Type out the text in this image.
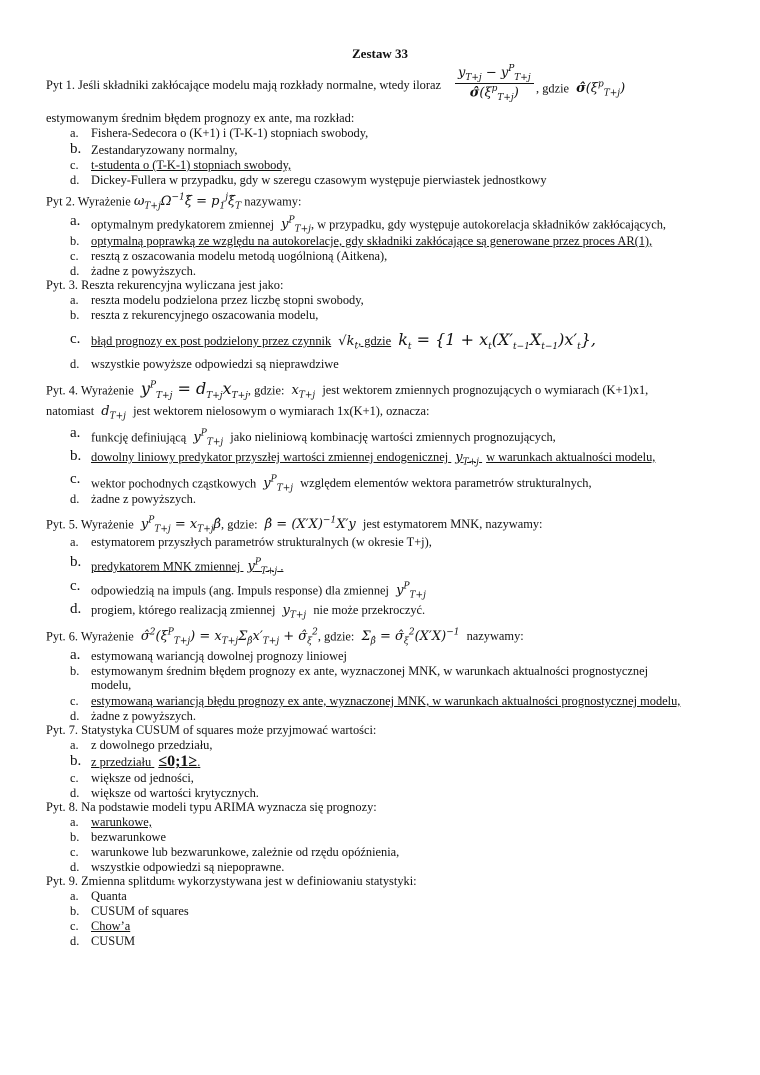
Zestaw 33
Pyt 1. Jeśli składniki zakłócające modelu mają rozkłady normalne, wtedy iloraz $\frac{y_{T+j} - y^P_{T+j}}{\sigmâ(\xi^p_{T+j})}$ , gdzie $\sigmâ(\xi^p_{T+j})$
estymowanym średnim błędem prognozy ex ante, ma rozkład:
a. Fishera-Sedecora o (K+1) i (T-K-1) stopniach swobody,
b. Zestandaryzowany normalny,
c. t-studenta o (T-K-1) stopniach swobody,
d. Dickey-Fullera w przypadku, gdy w szeregu czasowym występuje pierwiastek jednostkowy
Pyt 2. Wyrażenie $\omega_{T+j}\Omega^{-1}\xĩ$ = $p_1^j\xĩ_T$ nazywamy:
a. optymalnym predykatorem zmiennej $y^P_{T+j}$, w przypadku, gdy występuje autokorelacja składników zakłócających,
b. optymalną poprawką ze względu na autokorelacje, gdy składniki zakłócające są generowane przez proces AR(1),
c. resztą z oszacowania modelu metodą uogólnioną (Aitkena),
d. żadne z powyższych.
Pyt. 3. Reszta rekurencyjna wyliczana jest jako:
a. reszta modelu podzielona przez liczbę stopni swobody,
b. reszta z rekurencyjnego oszacowania modelu,
c. błąd prognozy ex post podzielony przez czynnik $√k_t$, gdzie $k_t = \{1 + x_t(X'_{t-1}X_{t-1})x'_t\}$,
d. wszystkie powyższe odpowiedzi są nieprawdziwe
Pyt. 4. Wyrażenie $y^P_{T+j} = d_{T+j}x_{T+j}$, gdzie: $x_{T+j}$ jest wektorem zmiennych prognozujących o wymiarach (K+1)x1,
natomiast $d_{T+j}$ jest wektorem nielosowym o wymiarach 1x(K+1), oznacza:
a. funkcję definiującą $y^P_{T+j}$ jako nieliniową kombinację wartości zmiennych prognozujących,
b. dowolny liniowy predykator przyszłej wartości zmiennej endogenicznej $y_{T+j}$ w warunkach aktualności modelu,
c. wektor pochodnych cząstkowych $y^P_{T+j}$ względem elementów wektora parametrów strukturalnych,
d. żadne z powyższych.
Pyt. 5. Wyrażenie $y^P_{T+j}$ = $x_{T+j}\betâ$, gdzie: β̂ = $(X'X)^{-1}X'y$ jest estymatorem MNK, nazywamy:
a. estymatorem przyszłych parametrów strukturalnych (w okresie T+j),
b. predykatorem MNK zmiennej $y^P_{T+j}$ .
c. odpowiedzią na impuls (ang. Impuls response) dla zmiennej $y^P_{T+j}$
d. progiem, którego realizacją zmiennej $y_{T+j}$ nie może przekroczyć.
Pyt. 6. Wyrażenie $\sigmâ^2(\xi^P_{T+j}) = x_{T+j}\Sigma_{\betâ}x'_{T+j}$ + $\sigmâ_\xi^2$, gdzie: $\Sigma_{\betâ}$ = $\sigmâ_\xi^2(X'X)^{-1}$ nazywamy:
a. estymowaną wariancją dowolnej prognozy liniowej
b. estymowanym średnim błędem prognozy ex ante, wyznaczonej MNK, w warunkach aktualności prognostycznej
modelu,
c. estymowaną wariancją błędu prognozy ex ante, wyznaczonej MNK, w warunkach aktualności prognostycznej modelu,
d. żadne z powyższych.
Pyt. 7. Statystyka CUSUM of squares może przyjmować wartości:
a. z dowolnego przedziału,
b. z przedziału ≤0;1≥.
c. większe od jedności,
d. większe od wartości krytycznych.
Pyt. 8. Na podstawie modeli typu ARIMA wyznacza się prognozy:
a. warunkowe,
b. bezwarunkowe
c. warunkowe lub bezwarunkowe, zależnie od rzędu opóźnienia,
d. wszystkie odpowiedzi są niepoprawne.
Pyt. 9. Zmienna splitdumₜ wykorzystywana jest w definiowaniu statystyki:
a. Quanta
b. CUSUM of squares
c. Chow’a
d. CUSUM
